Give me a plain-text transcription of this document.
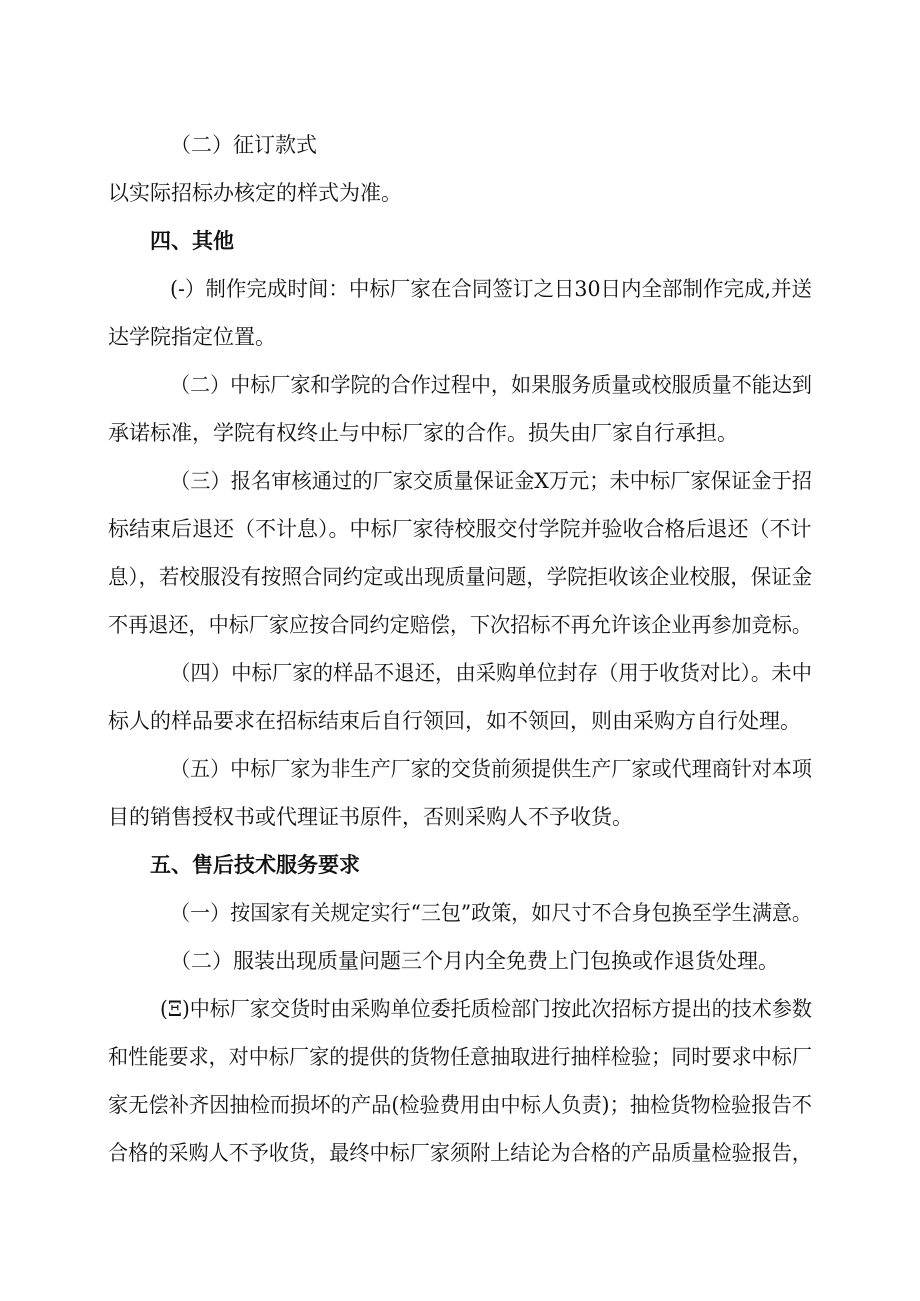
（二）征订款式
以实际招标办核定的样式为准。
四、其他
(-）制作完成时间：中标厂家在合同签订之日30日内全部制作完成,并送
达学院指定位置。
（二）中标厂家和学院的合作过程中，如果服务质量或校服质量不能达到
承诺标准，学院有权终止与中标厂家的合作。损失由厂家自行承担。
（三）报名审核通过的厂家交质量保证金X万元；未中标厂家保证金于招
标结束后退还（不计息）。中标厂家待校服交付学院并验收合格后退还（不计
息），若校服没有按照合同约定或出现质量问题，学院拒收该企业校服，保证金
不再退还，中标厂家应按合同约定赔偿，下次招标不再允许该企业再参加竞标。
（四）中标厂家的样品不退还，由采购单位封存（用于收货对比）。未中
标人的样品要求在招标结束后自行领回，如不领回，则由采购方自行处理。
（五）中标厂家为非生产厂家的交货前须提供生产厂家或代理商针对本项
目的销售授权书或代理证书原件，否则采购人不予收货。
五、售后技术服务要求
（一）按国家有关规定实行“三包”政策，如尺寸不合身包换至学生满意。
（二）服装出现质量问题三个月内全免费上门包换或作退货处理。
(Ξ)中标厂家交货时由采购单位委托质检部门按此次招标方提出的技术参数
和性能要求，对中标厂家的提供的货物任意抽取进行抽样检验；同时要求中标厂
家无偿补齐因抽检而损坏的产品(检验费用由中标人负责)；抽检货物检验报告不
合格的采购人不予收货，最终中标厂家须附上结论为合格的产品质量检验报告，
